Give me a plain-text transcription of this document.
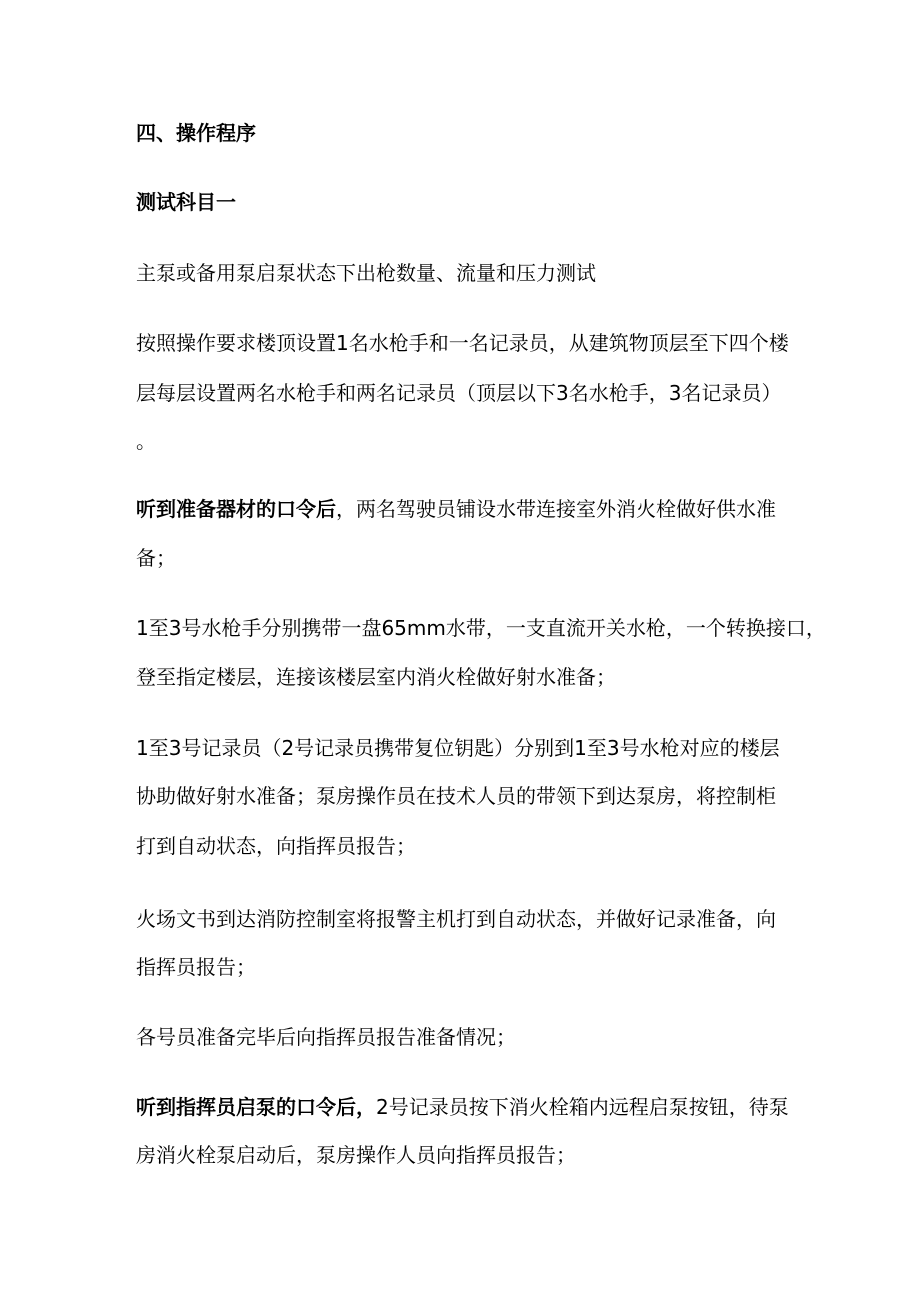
四、操作程序
测试科目一
主泵或备用泵启泵状态下出枪数量、流量和压力测试
按照操作要求楼顶设置1名水枪手和一名记录员，从建筑物顶层至下四个楼
层每层设置两名水枪手和两名记录员（顶层以下3名水枪手，3名记录员）
。
听到准备器材的口令后，两名驾驶员铺设水带连接室外消火栓做好供水准
备；
1至3号水枪手分别携带一盘65mm水带，一支直流开关水枪，一个转换接口，
登至指定楼层，连接该楼层室内消火栓做好射水准备；
1至3号记录员（2号记录员携带复位钥匙）分别到1至3号水枪对应的楼层
协助做好射水准备；泵房操作员在技术人员的带领下到达泵房，将控制柜
打到自动状态，向指挥员报告；
火场文书到达消防控制室将报警主机打到自动状态，并做好记录准备，向
指挥员报告；
各号员准备完毕后向指挥员报告准备情况；
听到指挥员启泵的口令后，2号记录员按下消火栓箱内远程启泵按钮，待泵
房消火栓泵启动后，泵房操作人员向指挥员报告；
